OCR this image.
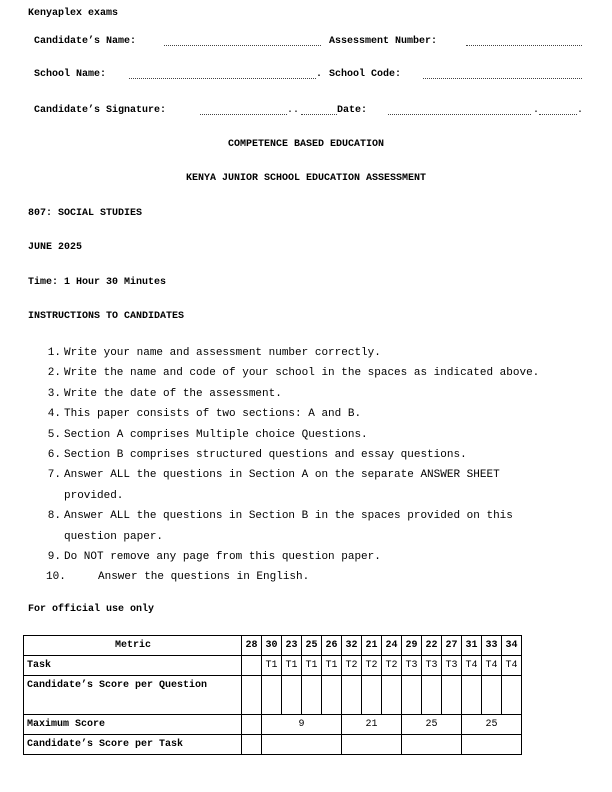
Kenyaplex exams
Candidate’s Name:	Assessment Number:
School Name:	. School Code:
Candidate’s Signature:	..	Date:	.	.
COMPETENCE BASED EDUCATION
KENYA JUNIOR SCHOOL EDUCATION ASSESSMENT
807: SOCIAL STUDIES
JUNE 2025
Time: 1 Hour 30 Minutes
INSTRUCTIONS TO CANDIDATES
1. Write your name and assessment number correctly.
2. Write the name and code of your school in the spaces as indicated above.
3. Write the date of the assessment.
4. This paper consists of two sections: A and B.
5. Section A comprises Multiple choice Questions.
6. Section B comprises structured questions and essay questions.
7. Answer ALL the questions in Section A on the separate ANSWER SHEET provided.
8. Answer ALL the questions in Section B in the spaces provided on this question paper.
9. Do NOT remove any page from this question paper.
10.	Answer the questions in English.
For official use only
Metric	28	30	23	25	26	32	21	24	29	22	27	31	33	34
Task		T1	T1	T1	T1	T2	T2	T2	T3	T3	T3	T4	T4	T4
Candidate’s Score per Question														
Maximum Score		9				21			25			25		
Candidate’s Score per Task														
